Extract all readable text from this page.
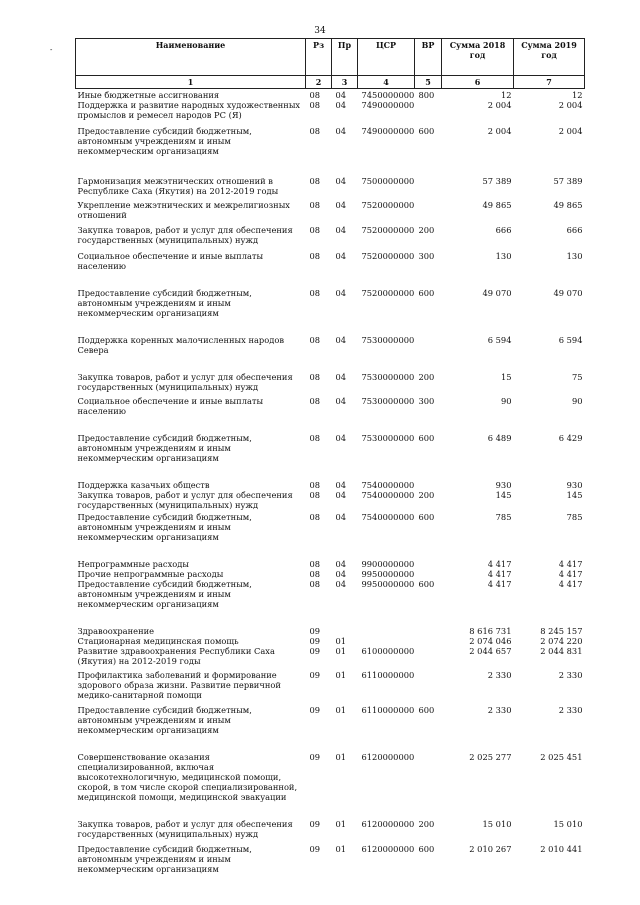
34
-	Наименование	Рз	Пр	ЦСР	ВР	Сумма 2018 год	Сумма 2019 год
1	2	3	4	5	6	7
Иные бюджетные ассигнования	08	04	7450000000	800	12	12
Поддержка и развитие народных художественных промыслов и ремесел народов РС (Я)	08	04	7490000000		2 004	2 004
Предоставление субсидий бюджетным, автономным учреждениям и иным некоммерческим организациям	08	04	7490000000	600	2 004	2 004
Гармонизация межэтнических отношений в Республике Саха (Якутия) на 2012-2019 годы	08	04	7500000000		57 389	57 389
Укрепление межэтнических и межрелигиозных отношений	08	04	7520000000		49 865	49 865
Закупка товаров, работ и услуг для обеспечения государственных (муниципальных) нужд	08	04	7520000000	200	666	666
Социальное обеспечение и иные выплаты населению	08	04	7520000000	300	130	130
Предоставление субсидий бюджетным, автономным учреждениям и иным некоммерческим организациям	08	04	7520000000	600	49 070	49 070
Поддержка коренных малочисленных народов Севера	08	04	7530000000		6 594	6 594
Закупка товаров, работ и услуг для обеспечения государственных (муниципальных) нужд	08	04	7530000000	200	15	75
Социальное обеспечение и иные выплаты населению	08	04	7530000000	300	90	90
Предоставление субсидий бюджетным, автономным учреждениям и иным некоммерческим организациям	08	04	7530000000	600	6 489	6 429
Поддержка казачьих обществ	08	04	7540000000		930	930
Закупка товаров, работ и услуг для обеспечения государственных (муниципальных) нужд	08	04	7540000000	200	145	145
Предоставление субсидий бюджетным, автономным учреждениям и иным некоммерческим организациям	08	04	7540000000	600	785	785
Непрограммные расходы	08	04	9900000000		4 417	4 417
Прочие непрограммные расходы	08	04	9950000000		4 417	4 417
Предоставление субсидий бюджетным, автономным учреждениям и иным некоммерческим организациям	08	04	9950000000	600	4 417	4 417
Здравоохранение	09				8 616 731	8 245 157
Стационарная медицинская помощь	09	01			2 074 046	2 074 220
Развитие здравоохранения Республики Саха (Якутия) на 2012-2019 годы	09	01	6100000000		2 044 657	2 044 831
Профилактика заболеваний и формирование здорового образа жизни. Развитие первичной медико-санитарной помощи	09	01	6110000000		2 330	2 330
Предоставление субсидий бюджетным, автономным учреждениям и иным некоммерческим организациям	09	01	6110000000	600	2 330	2 330
Совершенствование оказания специализированной, включая высокотехнологичную, медицинской помощи, скорой, в том числе скорой специализированной, медицинской помощи, медицинской эвакуации	09	01	6120000000		2 025 277	2 025 451
Закупка товаров, работ и услуг для обеспечения государственных (муниципальных) нужд	09	01	6120000000	200	15 010	15 010
Предоставление субсидий бюджетным, автономным учреждениям и иным некоммерческим организациям	09	01	6120000000	600	2 010 267	2 010 441
